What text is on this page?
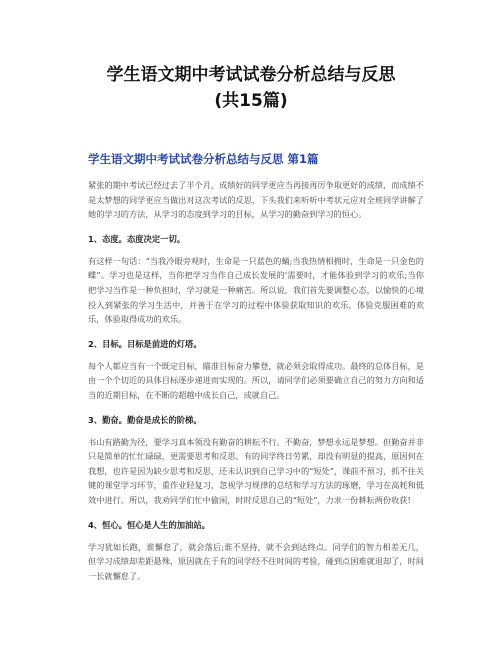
学生语文期中考试试卷分析总结与反思
(共15篇)
学生语文期中考试试卷分析总结与反思 第1篇

紧张的期中考试已经过去了半个月，成绩好的同学更应当再接再厉争取更好的成绩，而成绩不是太梦想的同学更应当做出对这次考试的反思，下头我们来听听中考状元应对全班同学讲解了她的学习的方法，从学习的态度到学习的目标，从学习的勤奋到学习的恒心。

1、态度。态度决定一切。

有这样一句话：“当我冷眼旁观时，生命是一只蓝色的蛹;当我热情相拥时，生命是一只金色的蝶”。学习也是这样，当你把学习当作自己成长发展的'需要时，才能体验到学习的欢乐;当你把学习当作是一种负担时，学习就是一种痛苦。所以说，我们首先要调整心态，以愉快的心境投入到紧张的学习生活中，并善于在学习的过程中体验获取知识的欢乐，体验克服困难的欢乐，体验取得成功的欢乐。

2、目标。目标是前进的灯塔。

每个人都应当有一个既定目标，瞄准目标奋力攀登，就必须会取得成功。最终的总体目标，是由一个个切近的具体目标逐步递进而实现的。所以，请同学们必须要确立自己的努力方向和适当的近期目标，在不断的超越中成长自己，成就自己。

3、勤奋。勤奋是成长的阶梯。

书山有路勤为径，要学习真本领没有勤奋的耕耘不行。不勤奋，梦想永远是梦想。但勤奋并非只是简单的忙忙碌碌，更需要思考和反思。有的同学终日劳累，却没有明显的提高，原因何在我想，也许是因为缺少思考和反思，还未认识到自己学习中的“短处”，课前不预习，抓不住关键的课堂学习环节，重作业轻复习，忽视学习规律的总结和学习方法的琢磨，学习在高耗和低效中进行。所以，我劝同学们忙中偷闲，时时反思自己的“短处”，力求一份耕耘两份收获!

4、恒心。恒心是人生的加油站。

学习犹如长跑，谁懈怠了，就会落后;谁不坚持，就不会到达终点。同学们的智力相差无几，但学习成绩却差距悬殊，原因就在于有的同学经不住时间的考验，碰到点困难就退却了，时间一长就懈怠了。
